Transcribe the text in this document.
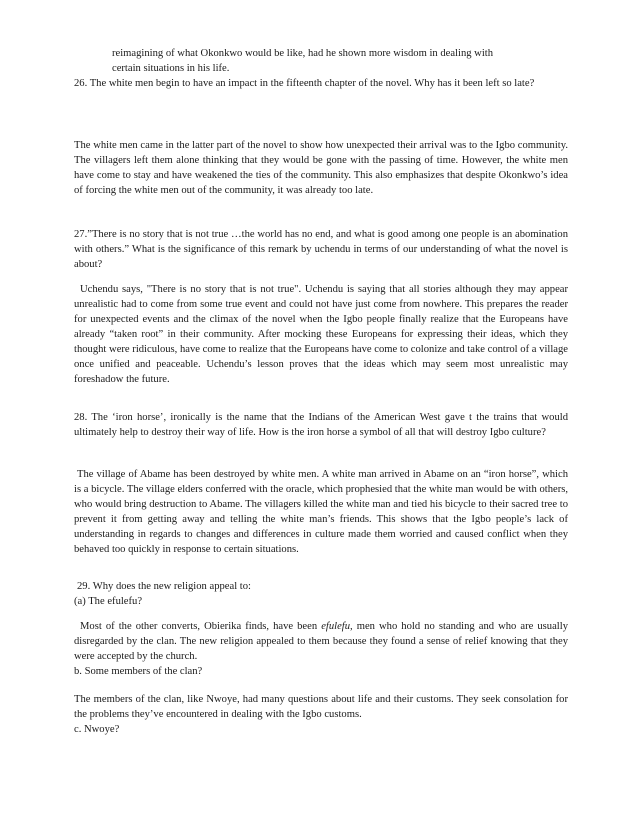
reimagining of what Okonkwo would be like, had he shown more wisdom in dealing with
certain situations in his life.

26. The white men begin to have an impact in the fifteenth chapter of the novel. Why has it been left so late?

The white men came in the latter part of the novel to show how unexpected their arrival was to the Igbo community. The villagers left them alone thinking that they would be gone with the passing of time. However, the white men have come to stay and have weakened the ties of the community. This also emphasizes that despite Okonkwo’s idea of forcing the white men out of the community, it was already too late.

27.”There is no story that is not true …the world has no end, and what is good among one people is an abomination with others.” What is the significance of this remark by uchendu in terms of our understanding of what the novel is about?

Uchendu says, "There is no story that is not true". Uchendu is saying that all stories although they may appear unrealistic had to come from some true event and could not have just come from nowhere. This prepares the reader for unexpected events and the climax of the novel when the Igbo people finally realize that the Europeans have already “taken root” in their community. After mocking these Europeans for expressing their ideas, which they thought were ridiculous, have come to realize that the Europeans have come to colonize and take control of a village once unified and peaceable. Uchendu’s lesson proves that the ideas which may seem most unrealistic may foreshadow the future.

28. The ‘iron horse’, ironically is the name that the Indians of the American West gave t the trains that would ultimately help to destroy their way of life. How is the iron horse a symbol of all that will destroy Igbo culture?

The village of Abame has been destroyed by white men. A white man arrived in Abame on an “iron horse”, which is a bicycle. The village elders conferred with the oracle, which prophesied that the white man would be with others, who would bring destruction to Abame. The villagers killed the white man and tied his bicycle to their sacred tree to prevent it from getting away and telling the white man’s friends. This shows that the Igbo people’s lack of understanding in regards to changes and differences in culture made them worried and caused conflict when they behaved too quickly in response to certain situations.

29. Why does the new religion appeal to:
(a) The efulefu?

Most of the other converts, Obierika finds, have been efulefu, men who hold no standing and who are usually disregarded by the clan. The new religion appealed to them because they found a sense of relief knowing that they were accepted by the church.

b. Some members of the clan?

The members of the clan, like Nwoye, had many questions about life and their customs. They seek consolation for the problems they’ve encountered in dealing with the Igbo customs.

c. Nwoye?
